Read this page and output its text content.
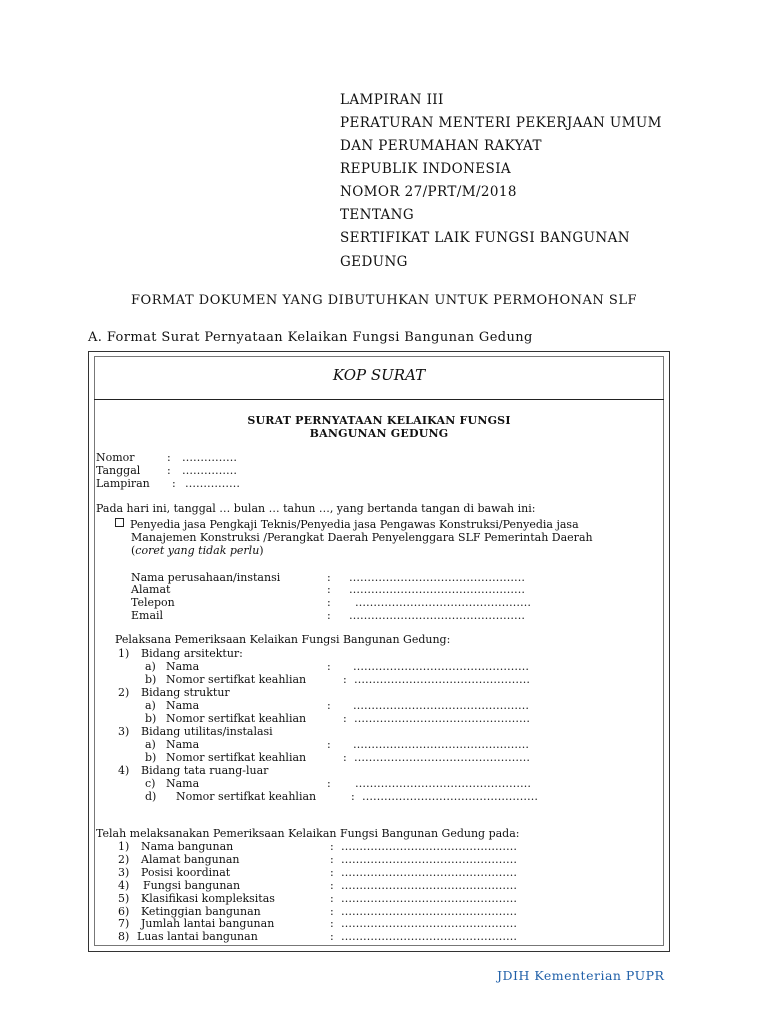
LAMPIRAN III
PERATURAN MENTERI PEKERJAAN UMUM
DAN PERUMAHAN RAKYAT
REPUBLIK INDONESIA
NOMOR 27/PRT/M/2018
TENTANG
SERTIFIKAT LAIK FUNGSI BANGUNAN
GEDUNG
FORMAT DOKUMEN YANG DIBUTUHKAN UNTUK PERMOHONAN SLF
A. Format Surat Pernyataan Kelaikan Fungsi Bangunan Gedung
KOP SURAT
SURAT PERNYATAAN KELAIKAN FUNGSI
BANGUNAN GEDUNG
Nomor	: ……………
Tanggal : ……………
Lampiran : ……………
Pada hari ini, tanggal … bulan … tahun …, yang bertanda tangan di bawah ini:
Penyedia jasa Pengkaji Teknis/Penyedia jasa Pengawas Konstruksi/Penyedia jasa
Manajemen Konstruksi /Perangkat Daerah Penyelenggara SLF Pemerintah Daerah
(coret yang tidak perlu)
Nama perusahaan/instansi	: …………………………………………
Alamat	: …………………………………………
Telepon	: …………………………………………
Email	: …………………………………………
Pelaksana Pemeriksaan Kelaikan Fungsi Bangunan Gedung:
1) Bidang arsitektur:
a) Nama	: …………………………………………
b) Nomor sertifkat keahlian	: …………………………………………
2) Bidang struktur
a) Nama	: …………………………………………
b) Nomor sertifkat keahlian	: …………………………………………
3) Bidang utilitas/instalasi
a) Nama	: …………………………………………
b) Nomor sertifkat keahlian	: …………………………………………
4) Bidang tata ruang-luar
c) Nama	: …………………………………………
d) Nomor sertifkat keahlian	: …………………………………………
Telah melaksanakan Pemeriksaan Kelaikan Fungsi Bangunan Gedung pada:
1) Nama bangunan	: …………………………………………
2) Alamat bangunan	: …………………………………………
3) Posisi koordinat	: …………………………………………
4) Fungsi bangunan	: …………………………………………
5) Klasifikasi kompleksitas	: …………………………………………
6) Ketinggian bangunan	: …………………………………………
7) Jumlah lantai bangunan	: …………………………………………
8) Luas lantai bangunan	: …………………………………………
JDIH Kementerian PUPR
